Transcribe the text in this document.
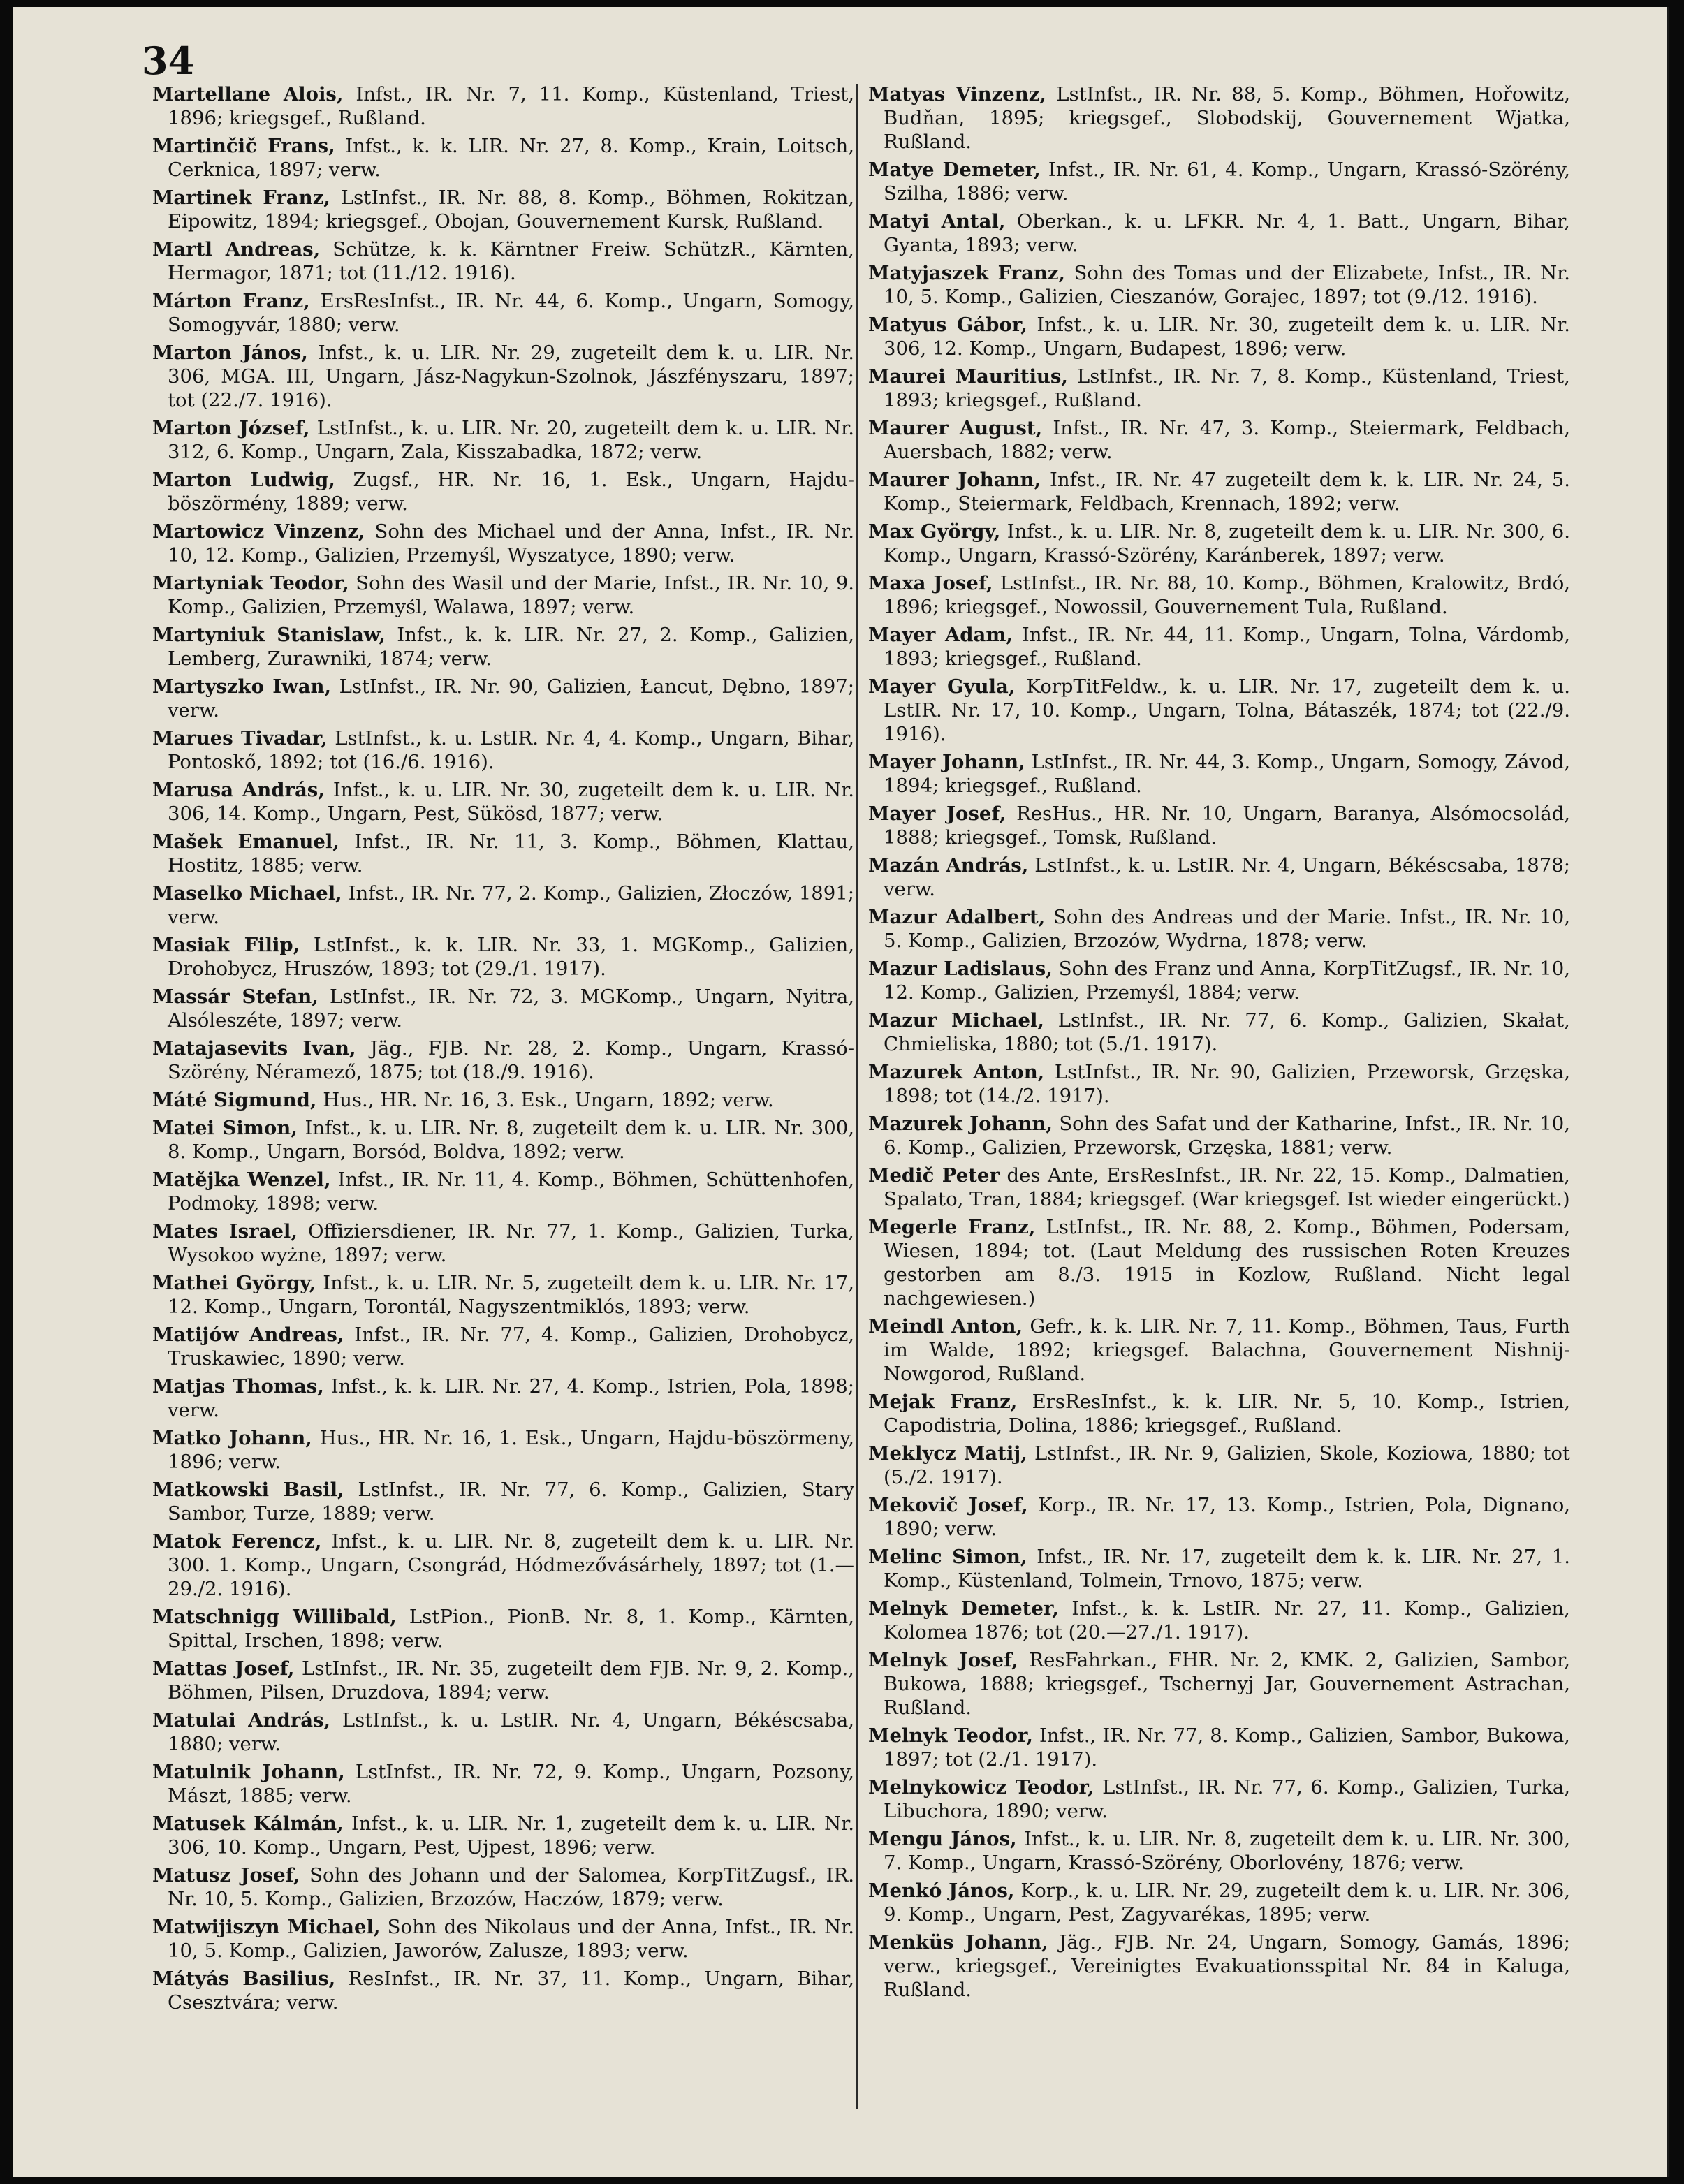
34

Martellane Alois, Infst., IR. Nr. 7, 11. Komp., Küstenland, Triest, 1896; kriegsgef., Rußland.

Martinčič Frans, Infst., k. k. LIR. Nr. 27, 8. Komp., Krain, Loitsch, Cerknica, 1897; verw.

Martinek Franz, LstInfst., IR. Nr. 88, 8. Komp., Böhmen, Rokitzan, Eipowitz, 1894; kriegsgef., Obojan, Gouvernement Kursk, Rußland.

Martl Andreas, Schütze, k. k. Kärntner Freiw. SchützR., Kärnten, Hermagor, 1871; tot (11./12. 1916).

Márton Franz, ErsResInfst., IR. Nr. 44, 6. Komp., Ungarn, Somogy, Somogyvár, 1880; verw.

Marton János, Infst., k. u. LIR. Nr. 29, zugeteilt dem k. u. LIR. Nr. 306, MGA. III, Ungarn, Jász-Nagykun-Szolnok, Jászfényszaru, 1897; tot (22./7. 1916).

Marton József, LstInfst., k. u. LIR. Nr. 20, zugeteilt dem k. u. LIR. Nr. 312, 6. Komp., Ungarn, Zala, Kisszabadka, 1872; verw.

Marton Ludwig, Zugsf., HR. Nr. 16, 1. Esk., Ungarn, Hajdu-böszörmény, 1889; verw.

Martowicz Vinzenz, Sohn des Michael und der Anna, Infst., IR. Nr. 10, 12. Komp., Galizien, Przemyśl, Wyszatyce, 1890; verw.

Martyniak Teodor, Sohn des Wasil und der Marie, Infst., IR. Nr. 10, 9. Komp., Galizien, Przemyśl, Walawa, 1897; verw.

Martyniuk Stanislaw, Infst., k. k. LIR. Nr. 27, 2. Komp., Galizien, Lemberg, Zurawniki, 1874; verw.

Martyszko Iwan, LstInfst., IR. Nr. 90, Galizien, Łancut, Dębno, 1897; verw.

Marues Tivadar, LstInfst., k. u. LstIR. Nr. 4, 4. Komp., Ungarn, Bihar, Pontoskő, 1892; tot (16./6. 1916).

Marusa András, Infst., k. u. LIR. Nr. 30, zugeteilt dem k. u. LIR. Nr. 306, 14. Komp., Ungarn, Pest, Sükösd, 1877; verw.

Mašek Emanuel, Infst., IR. Nr. 11, 3. Komp., Böhmen, Klattau, Hostitz, 1885; verw.

Maselko Michael, Infst., IR. Nr. 77, 2. Komp., Galizien, Złoczów, 1891; verw.

Masiak Filip, LstInfst., k. k. LIR. Nr. 33, 1. MGKomp., Galizien, Drohobycz, Hruszów, 1893; tot (29./1. 1917).

Massár Stefan, LstInfst., IR. Nr. 72, 3. MGKomp., Ungarn, Nyitra, Alsóleszéte, 1897; verw.

Matajasevits Ivan, Jäg., FJB. Nr. 28, 2. Komp., Ungarn, Krassó-Szörény, Néramező, 1875; tot (18./9. 1916).

Máté Sigmund, Hus., HR. Nr. 16, 3. Esk., Ungarn, 1892; verw.

Matei Simon, Infst., k. u. LIR. Nr. 8, zugeteilt dem k. u. LIR. Nr. 300, 8. Komp., Ungarn, Borsód, Boldva, 1892; verw.

Matějka Wenzel, Infst., IR. Nr. 11, 4. Komp., Böhmen, Schüttenhofen, Podmoky, 1898; verw.

Mates Israel, Offiziersdiener, IR. Nr. 77, 1. Komp., Galizien, Turka, Wysokoo wyżne, 1897; verw.

Mathei György, Infst., k. u. LIR. Nr. 5, zugeteilt dem k. u. LIR. Nr. 17, 12. Komp., Ungarn, Torontál, Nagyszentmiklós, 1893; verw.

Matijów Andreas, Infst., IR. Nr. 77, 4. Komp., Galizien, Drohobycz, Truskawiec, 1890; verw.

Matjas Thomas, Infst., k. k. LIR. Nr. 27, 4. Komp., Istrien, Pola, 1898; verw.

Matko Johann, Hus., HR. Nr. 16, 1. Esk., Ungarn, Hajdu-böszörmeny, 1896; verw.

Matkowski Basil, LstInfst., IR. Nr. 77, 6. Komp., Galizien, Stary Sambor, Turze, 1889; verw.

Matok Ferencz, Infst., k. u. LIR. Nr. 8, zugeteilt dem k. u. LIR. Nr. 300. 1. Komp., Ungarn, Csongrád, Hódmezővásárhely, 1897; tot (1.—29./2. 1916).

Matschnigg Willibald, LstPion., PionB. Nr. 8, 1. Komp., Kärnten, Spittal, Irschen, 1898; verw.

Mattas Josef, LstInfst., IR. Nr. 35, zugeteilt dem FJB. Nr. 9, 2. Komp., Böhmen, Pilsen, Druzdova, 1894; verw.

Matulai András, LstInfst., k. u. LstIR. Nr. 4, Ungarn, Békéscsaba, 1880; verw.

Matulnik Johann, LstInfst., IR. Nr. 72, 9. Komp., Ungarn, Pozsony, Mászt, 1885; verw.

Matusek Kálmán, Infst., k. u. LIR. Nr. 1, zugeteilt dem k. u. LIR. Nr. 306, 10. Komp., Ungarn, Pest, Ujpest, 1896; verw.

Matusz Josef, Sohn des Johann und der Salomea, KorpTitZugsf., IR. Nr. 10, 5. Komp., Galizien, Brzozów, Haczów, 1879; verw.

Matwijiszyn Michael, Sohn des Nikolaus und der Anna, Infst., IR. Nr. 10, 5. Komp., Galizien, Jaworów, Zalusze, 1893; verw.

Mátyás Basilius, ResInfst., IR. Nr. 37, 11. Komp., Ungarn, Bihar, Csesztvára; verw.

Matyas Vinzenz, LstInfst., IR. Nr. 88, 5. Komp., Böhmen, Hořowitz, Budňan, 1895; kriegsgef., Slobodskij, Gouvernement Wjatka, Rußland.

Matye Demeter, Infst., IR. Nr. 61, 4. Komp., Ungarn, Krassó-Szörény, Szilha, 1886; verw.

Matyi Antal, Oberkan., k. u. LFKR. Nr. 4, 1. Batt., Ungarn, Bihar, Gyanta, 1893; verw.

Matyjaszek Franz, Sohn des Tomas und der Elizabete, Infst., IR. Nr. 10, 5. Komp., Galizien, Cieszanów, Gorajec, 1897; tot (9./12. 1916).

Matyus Gábor, Infst., k. u. LIR. Nr. 30, zugeteilt dem k. u. LIR. Nr. 306, 12. Komp., Ungarn, Budapest, 1896; verw.

Maurei Mauritius, LstInfst., IR. Nr. 7, 8. Komp., Küstenland, Triest, 1893; kriegsgef., Rußland.

Maurer August, Infst., IR. Nr. 47, 3. Komp., Steiermark, Feldbach, Auersbach, 1882; verw.

Maurer Johann, Infst., IR. Nr. 47 zugeteilt dem k. k. LIR. Nr. 24, 5. Komp., Steiermark, Feldbach, Krennach, 1892; verw.

Max György, Infst., k. u. LIR. Nr. 8, zugeteilt dem k. u. LIR. Nr. 300, 6. Komp., Ungarn, Krassó-Szörény, Karánberek, 1897; verw.

Maxa Josef, LstInfst., IR. Nr. 88, 10. Komp., Böhmen, Kralowitz, Brdó, 1896; kriegsgef., Nowossil, Gouvernement Tula, Rußland.

Mayer Adam, Infst., IR. Nr. 44, 11. Komp., Ungarn, Tolna, Várdomb, 1893; kriegsgef., Rußland.

Mayer Gyula, KorpTitFeldw., k. u. LIR. Nr. 17, zugeteilt dem k. u. LstIR. Nr. 17, 10. Komp., Ungarn, Tolna, Bátaszék, 1874; tot (22./9. 1916).

Mayer Johann, LstInfst., IR. Nr. 44, 3. Komp., Ungarn, Somogy, Závod, 1894; kriegsgef., Rußland.

Mayer Josef, ResHus., HR. Nr. 10, Ungarn, Baranya, Alsómocsolád, 1888; kriegsgef., Tomsk, Rußland.

Mazán András, LstInfst., k. u. LstIR. Nr. 4, Ungarn, Békéscsaba, 1878; verw.

Mazur Adalbert, Sohn des Andreas und der Marie. Infst., IR. Nr. 10, 5. Komp., Galizien, Brzozów, Wydrna, 1878; verw.

Mazur Ladislaus, Sohn des Franz und Anna, KorpTitZugsf., IR. Nr. 10, 12. Komp., Galizien, Przemyśl, 1884; verw.

Mazur Michael, LstInfst., IR. Nr. 77, 6. Komp., Galizien, Skałat, Chmieliska, 1880; tot (5./1. 1917).

Mazurek Anton, LstInfst., IR. Nr. 90, Galizien, Przeworsk, Grzęska, 1898; tot (14./2. 1917).

Mazurek Johann, Sohn des Safat und der Katharine, Infst., IR. Nr. 10, 6. Komp., Galizien, Przeworsk, Grzęska, 1881; verw.

Medič Peter des Ante, ErsResInfst., IR. Nr. 22, 15. Komp., Dalmatien, Spalato, Tran, 1884; kriegsgef. (War kriegsgef. Ist wieder eingerückt.)

Megerle Franz, LstInfst., IR. Nr. 88, 2. Komp., Böhmen, Podersam, Wiesen, 1894; tot. (Laut Meldung des russischen Roten Kreuzes gestorben am 8./3. 1915 in Kozlow, Rußland. Nicht legal nachgewiesen.)

Meindl Anton, Gefr., k. k. LIR. Nr. 7, 11. Komp., Böhmen, Taus, Furth im Walde, 1892; kriegsgef. Balachna, Gouvernement Nishnij-Nowgorod, Rußland.

Mejak Franz, ErsResInfst., k. k. LIR. Nr. 5, 10. Komp., Istrien, Capodistria, Dolina, 1886; kriegsgef., Rußland.

Meklycz Matij, LstInfst., IR. Nr. 9, Galizien, Skole, Koziowa, 1880; tot (5./2. 1917).

Mekovič Josef, Korp., IR. Nr. 17, 13. Komp., Istrien, Pola, Dignano, 1890; verw.

Melinc Simon, Infst., IR. Nr. 17, zugeteilt dem k. k. LIR. Nr. 27, 1. Komp., Küstenland, Tolmein, Trnovo, 1875; verw.

Melnyk Demeter, Infst., k. k. LstIR. Nr. 27, 11. Komp., Galizien, Kolomea 1876; tot (20.—27./1. 1917).

Melnyk Josef, ResFahrkan., FHR. Nr. 2, KMK. 2, Galizien, Sambor, Bukowa, 1888; kriegsgef., Tschernyj Jar, Gouvernement Astrachan, Rußland.

Melnyk Teodor, Infst., IR. Nr. 77, 8. Komp., Galizien, Sambor, Bukowa, 1897; tot (2./1. 1917).

Melnykowicz Teodor, LstInfst., IR. Nr. 77, 6. Komp., Galizien, Turka, Libuchora, 1890; verw.

Mengu János, Infst., k. u. LIR. Nr. 8, zugeteilt dem k. u. LIR. Nr. 300, 7. Komp., Ungarn, Krassó-Szörény, Oborlovény, 1876; verw.

Menkó János, Korp., k. u. LIR. Nr. 29, zugeteilt dem k. u. LIR. Nr. 306, 9. Komp., Ungarn, Pest, Zagyvarékas, 1895; verw.

Menküs Johann, Jäg., FJB. Nr. 24, Ungarn, Somogy, Gamás, 1896; verw., kriegsgef., Vereinigtes Evakuationsspital Nr. 84 in Kaluga, Rußland.
